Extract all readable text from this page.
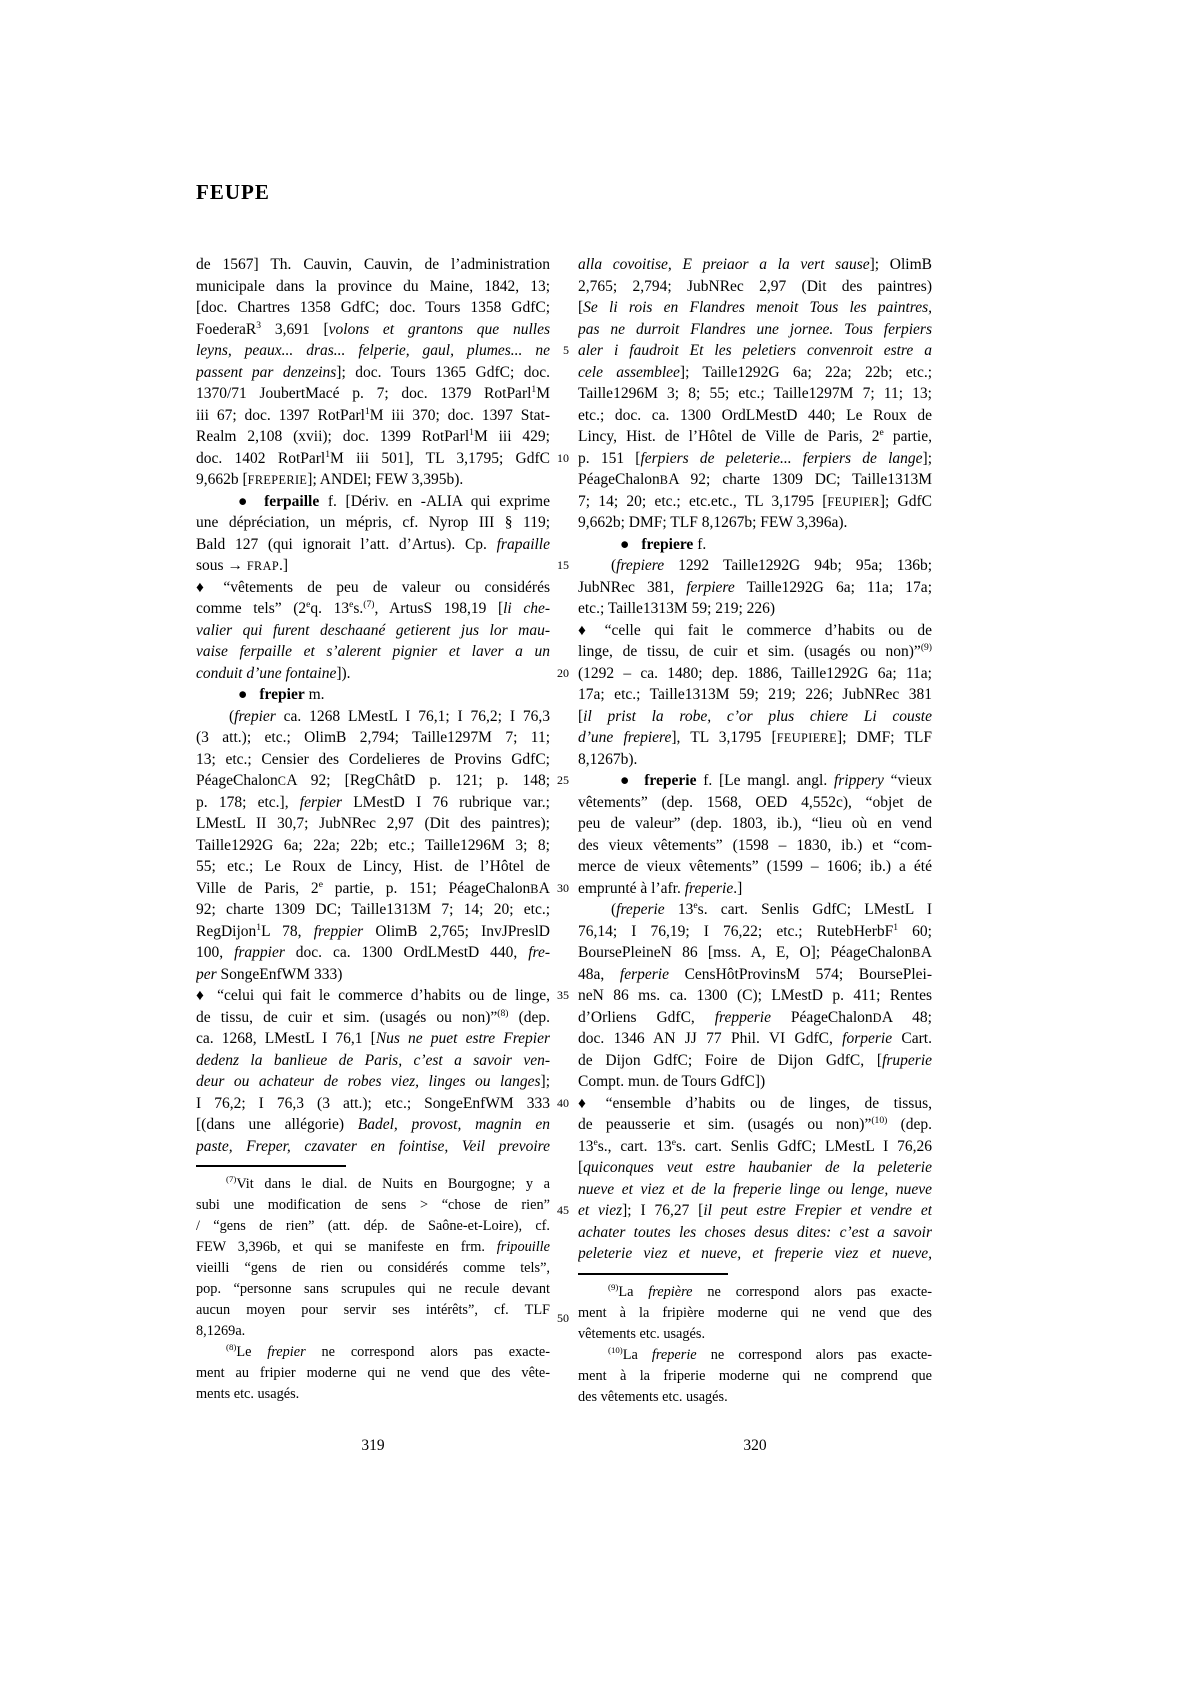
FEUPE
de 1567] Th. Cauvin, Cauvin, de l’administration
municipale dans la province du Maine, 1842, 13;
[doc. Chartres 1358 GdfC; doc. Tours 1358 GdfC;
FoederaR$^3$ 3,691 [volons et grantons que nulles
leyns, peaux... dras... felperie, gaul, plumes... ne
passent par denzeins]; doc. Tours 1365 GdfC; doc.
1370/71 JoubertMacé p. 7; doc. 1379 RotParl$^1$M
iii 67; doc. 1397 RotParl$^1$M iii 370; doc. 1397 Stat-
Realm 2,108 (xvii); doc. 1399 RotParl$^1$M iii 429;
doc. 1402 RotParl$^1$M iii 501], TL 3,1795; GdfC
9,662b [FREPERIE]; ANDEl; FEW 3,395b).
● ferpaille f. [Dériv. en -ALIA qui exprime
une dépréciation, un mépris, cf. Nyrop III § 119;
Bald 127 (qui ignorait l’att. d’Artus). Cp. frapaille
sous → FRAP.]
♦ “vêtements de peu de valeur ou considérés
comme tels” (2eq. 13es.$^{(7)}$, ArtusS 198,19 [li che-
valier qui furent deschaané getierent jus lor mau-
vaise ferpaille et s’alerent pignier et laver a un
conduit d’une fontaine]).
● frepier m.
(frepier ca. 1268 LMestL I 76,1; I 76,2; I 76,3
(3 att.); etc.; OlimB 2,794; Taille1297M 7; 11;
13; etc.; Censier des Cordelieres de Provins GdfC;
PéageChalonCA 92; [RegChâtD p. 121; p. 148;
p. 178; etc.], ferpier LMestD I 76 rubrique var.;
LMestL II 30,7; JubNRec 2,97 (Dit des paintres);
Taille1292G 6a; 22a; 22b; etc.; Taille1296M 3; 8;
55; etc.; Le Roux de Lincy, Hist. de l’Hôtel de
Ville de Paris, 2e partie, p. 151; PéageChalonBA
92; charte 1309 DC; Taille1313M 7; 14; 20; etc.;
RegDijon$^1$L 78, freppier OlimB 2,765; InvJPreslD
100, frappier doc. ca. 1300 OrdLMestD 440, fre-
per SongeEnfWM 333)
♦ “celui qui fait le commerce d’habits ou de linge,
de tissu, de cuir et sim. (usagés ou non)”$^{(8)}$ (dep.
ca. 1268, LMestL I 76,1 [Nus ne puet estre Frepier
dedenz la banlieue de Paris, c’est a savoir ven-
deur ou achateur de robes viez, linges ou langes];
I 76,2; I 76,3 (3 att.); etc.; SongeEnfWM 333
[(dans une allégorie) Badel, provost, magnin en
paste, Freper, czavater en fointise, Veil prevoire
$^{(7)}$Vit dans le dial. de Nuits en Bourgogne; y a
subi une modification de sens > “chose de rien”
/ “gens de rien” (att. dép. de Saône-et-Loire), cf.
FEW 3,396b, et qui se manifeste en frm. fripouille
vieilli “gens de rien ou considérés comme tels”,
pop. “personne sans scrupules qui ne recule devant
aucun moyen pour servir ses intérêts”, cf. TLF
8,1269a.
$^{(8)}$Le frepier ne correspond alors pas exacte-
ment au fripier moderne qui ne vend que des vête-
ments etc. usagés.
5
10
15
20
25
30
35
40
45
50
alla covoitise, E preiaor a la vert sause]; OlimB
2,765; 2,794; JubNRec 2,97 (Dit des paintres)
[Se li rois en Flandres menoit Tous les paintres,
pas ne durroit Flandres une jornee. Tous ferpiers
aler i faudroit Et les peletiers convenroit estre a
cele assemblee]; Taille1292G 6a; 22a; 22b; etc.;
Taille1296M 3; 8; 55; etc.; Taille1297M 7; 11; 13;
etc.; doc. ca. 1300 OrdLMestD 440; Le Roux de
Lincy, Hist. de l’Hôtel de Ville de Paris, 2e partie,
p. 151 [ferpiers de peleterie... ferpiers de lange];
PéageChalonBA 92; charte 1309 DC; Taille1313M
7; 14; 20; etc.; etc.etc., TL 3,1795 [FEUPIER]; GdfC
9,662b; DMF; TLF 8,1267b; FEW 3,396a).
● frepiere f.
(frepiere 1292 Taille1292G 94b; 95a; 136b;
JubNRec 381, ferpiere Taille1292G 6a; 11a; 17a;
etc.; Taille1313M 59; 219; 226)
♦ “celle qui fait le commerce d’habits ou de
linge, de tissu, de cuir et sim. (usagés ou non)”$^{(9)}$
(1292 – ca. 1480; dep. 1886, Taille1292G 6a; 11a;
17a; etc.; Taille1313M 59; 219; 226; JubNRec 381
[il prist la robe, c’or plus chiere Li couste
d’une frepiere], TL 3,1795 [FEUPIERE]; DMF; TLF
8,1267b).
● freperie f. [Le mangl. angl. frippery “vieux
vêtements” (dep. 1568, OED 4,552c), “objet de
peu de valeur” (dep. 1803, ib.), “lieu où en vend
des vieux vêtements” (1598 – 1830, ib.) et “com-
merce de vieux vêtements” (1599 – 1606; ib.) a été
emprunté à l’afr. freperie.]
(freperie 13es. cart. Senlis GdfC; LMestL I
76,14; I 76,19; I 76,22; etc.; RutebHerbF$^1$ 60;
BoursePleineN 86 [mss. A, E, O]; PéageChalonBA
48a, ferperie CensHôtProvinsM 574; BoursePlei-
neN 86 ms. ca. 1300 (C); LMestD p. 411; Rentes
d’Orliens GdfC, frepperie PéageChalonDA 48;
doc. 1346 AN JJ 77 Phil. VI GdfC, forperie Cart.
de Dijon GdfC; Foire de Dijon GdfC, [fruperie
Compt. mun. de Tours GdfC])
♦ “ensemble d’habits ou de linges, de tissus,
de peausserie et sim. (usagés ou non)”$^{(10)}$ (dep.
13es., cart. 13es. cart. Senlis GdfC; LMestL I 76,26
[quiconques veut estre haubanier de la peleterie
nueve et viez et de la freperie linge ou lenge, nueve
et viez]; I 76,27 [il peut estre Frepier et vendre et
achater toutes les choses desus dites: c’est a savoir
peleterie viez et nueve, et freperie viez et nueve,
$^{(9)}$La frepière ne correspond alors pas exacte-
ment à la fripière moderne qui ne vend que des
vêtements etc. usagés.
$^{(10)}$La freperie ne correspond alors pas exacte-
ment à la friperie moderne qui ne comprend que
des vêtements etc. usagés.
319	320
